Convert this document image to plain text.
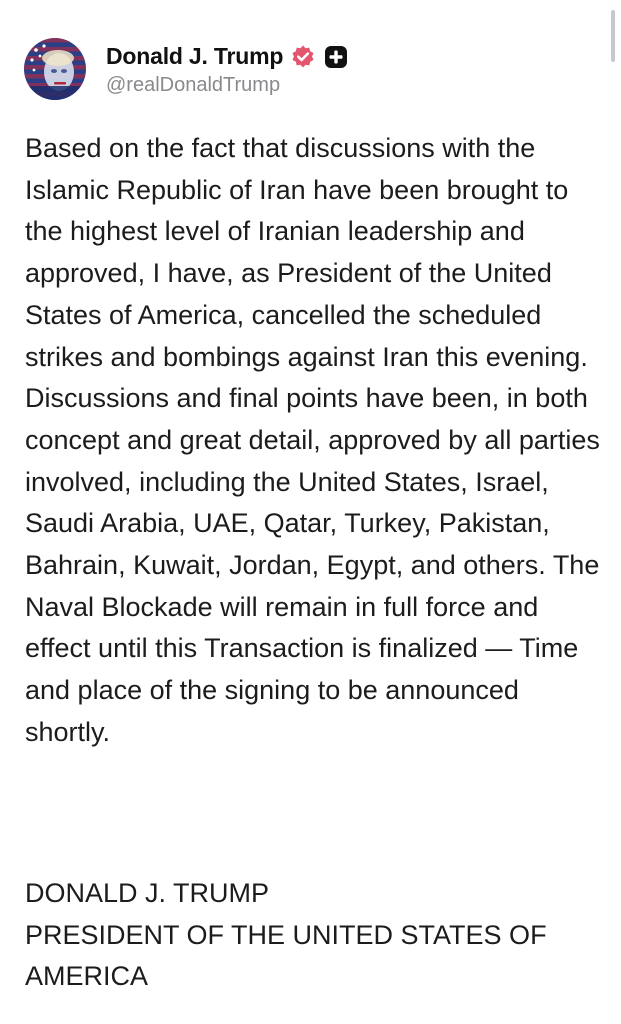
Donald J. Trump
@realDonaldTrump

Based on the fact that discussions with the Islamic Republic of Iran have been brought to the highest level of Iranian leadership and approved, I have, as President of the United States of America, cancelled the scheduled strikes and bombings against Iran this evening. Discussions and final points have been, in both concept and great detail, approved by all parties involved, including the United States, Israel, Saudi Arabia, UAE, Qatar, Turkey, Pakistan, Bahrain, Kuwait, Jordan, Egypt, and others. The Naval Blockade will remain in full force and effect until this Transaction is finalized — Time and place of the signing to be announced shortly.

DONALD J. TRUMP
PRESIDENT OF THE UNITED STATES OF AMERICA
